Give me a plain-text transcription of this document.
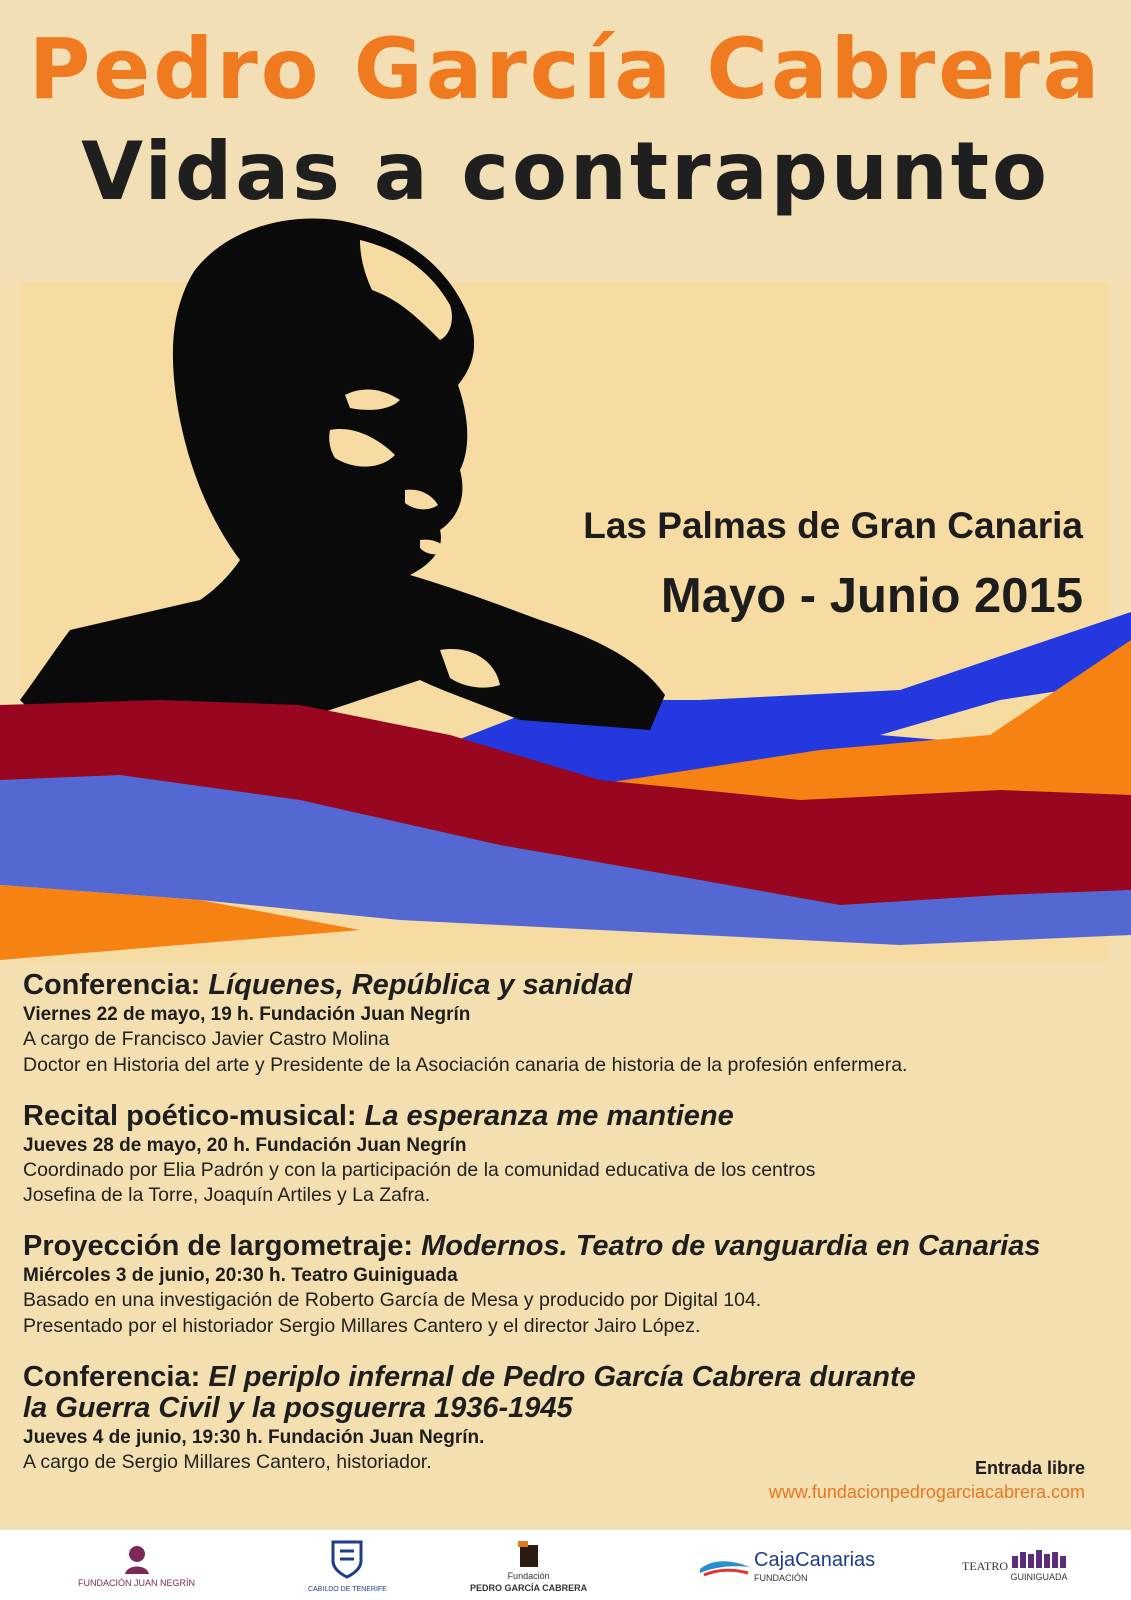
Pedro García Cabrera
Vidas a contrapunto
Las Palmas de Gran Canaria
Mayo - Junio 2015
Conferencia: Líquenes, República y sanidad
Viernes 22 de mayo, 19 h. Fundación Juan Negrín
A cargo de Francisco Javier Castro Molina
Doctor en Historia del arte y Presidente de la Asociación canaria de historia de la profesión enfermera.
Recital poético-musical: La esperanza me mantiene
Jueves 28 de mayo, 20 h. Fundación Juan Negrín
Coordinado por Elia Padrón y con la participación de la comunidad educativa de los centros
Josefina de la Torre, Joaquín Artiles y La Zafra.
Proyección de largometraje: Modernos. Teatro de vanguardia en Canarias
Miércoles 3 de junio, 20:30 h. Teatro Guiniguada
Basado en una investigación de Roberto García de Mesa y producido por Digital 104.
Presentado por el historiador Sergio Millares Cantero y el director Jairo López.
Conferencia: El periplo infernal de Pedro García Cabrera durante
la Guerra Civil y la posguerra 1936-1945
Jueves 4 de junio, 19:30 h. Fundación Juan Negrín.
A cargo de Sergio Millares Cantero, historiador.	Entrada libre
www.fundacionpedrogarciacabrera.com

FUNDACIÓN JUAN NEGRÍN

CABILDO DE TENERIFE

Fundación
PEDRO GARCÍA CABRERA
CajaCanarias
FUNDACIÓN
TEATRO

GUINIGUADA
